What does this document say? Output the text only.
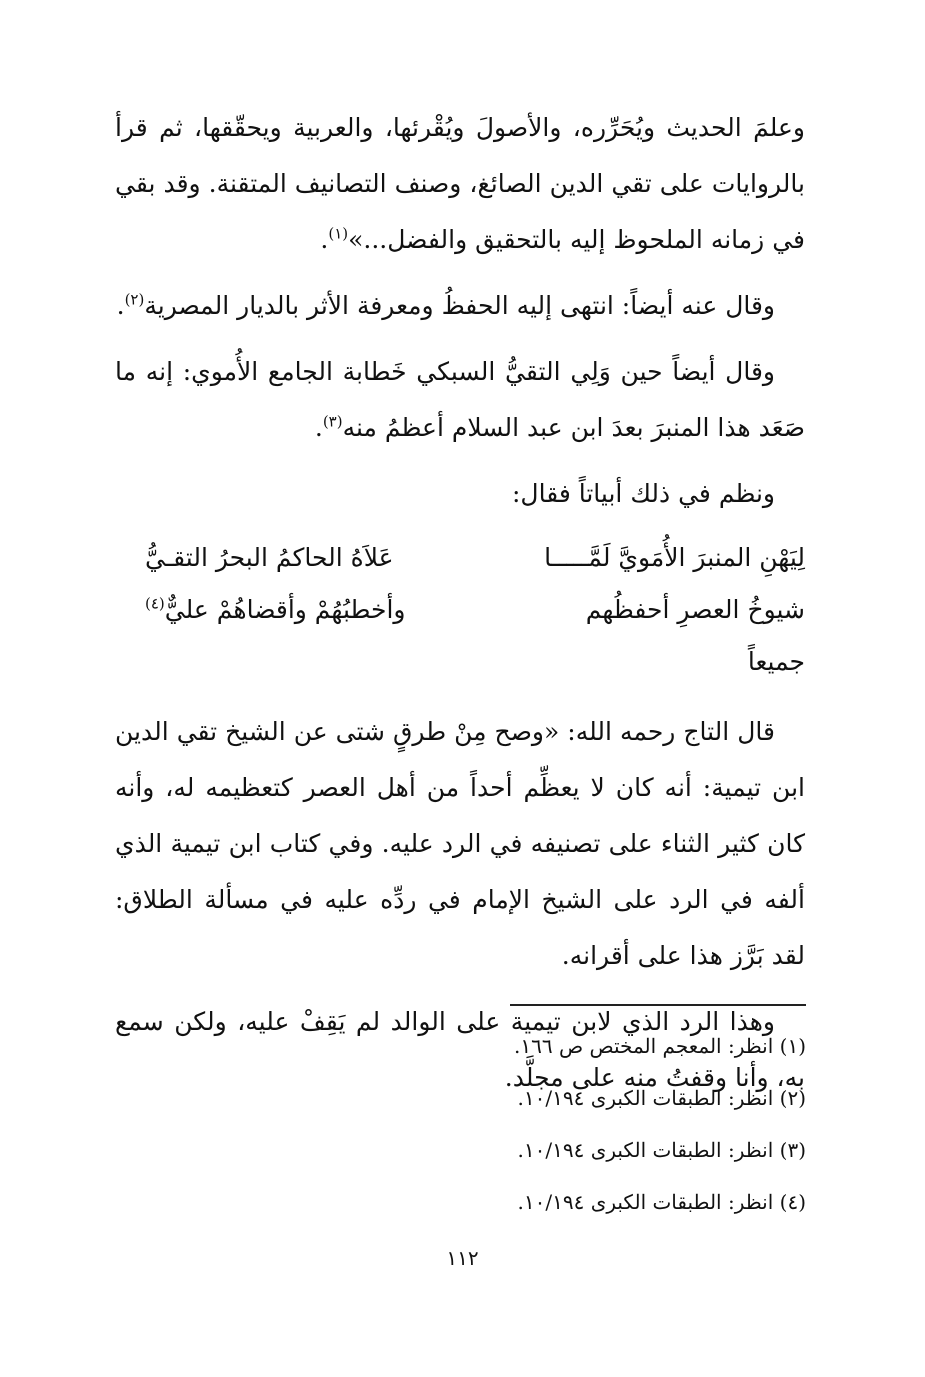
وعلمَ الحديث ويُحَرِّره، والأصولَ ويُقْرئها، والعربية ويحقّقها، ثم قرأ بالروايات على تقي الدين الصائغ، وصنف التصانيف المتقنة. وقد بقي في زمانه الملحوظ إليه بالتحقيق والفضل...»$^{(١)}$.

وقال عنه أيضاً: انتهى إليه الحفظُ ومعرفة الأثر بالديار المصرية$^{(٢)}$.

وقال أيضاً حين وَلِي التقيُّ السبكي خَطابة الجامع الأُموي: إنه ما صَعَد هذا المنبرَ بعدَ ابن عبد السلام أعظمُ منه$^{(٣)}$.

ونظم في ذلك أبياتاً فقال:

لِيَهْنِ المنبرَ الأُمَويَّ لَمَّـــــا
عَلاَهُ الحاكمُ البحرُ التقـيُّ
شيوخُ العصرِ أحفظُهم جميعاً
وأخطبُهُمْ وأقضاهُمْ عليٌّ$^{(٤)}$

قال التاج رحمه الله: «وصح مِنْ طرقٍ شتى عن الشيخ تقي الدين ابن تيمية: أنه كان لا يعظِّم أحداً من أهل العصر كتعظيمه له، وأنه كان كثير الثناء على تصنيفه في الرد عليه. وفي كتاب ابن تيمية الذي ألفه في الرد على الشيخ الإمام في ردِّه عليه في مسألة الطلاق: لقد بَرَّز هذا على أقرانه.

وهذا الرد الذي لابن تيمية على الوالد لم يَقِفْ عليه، ولكن سمع به، وأنا وقفتُ منه على مجلَّد.

(١) انظر: المعجم المختص ص ١٦٦.
(٢) انظر: الطبقات الكبرى ١٠/١٩٤.
(٣) انظر: الطبقات الكبرى ١٠/١٩٤.
(٤) انظر: الطبقات الكبرى ١٠/١٩٤.
١١٢
